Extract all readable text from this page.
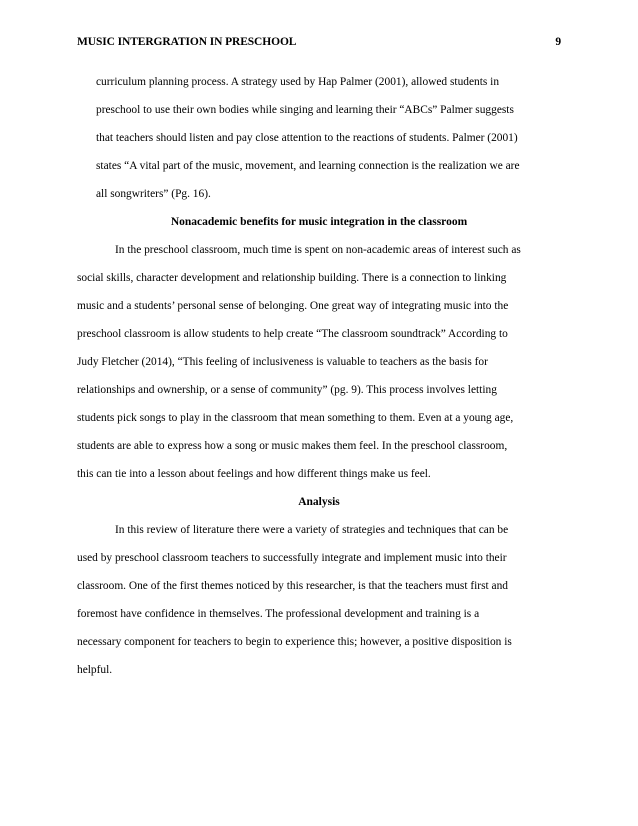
MUSIC INTERGRATION IN PRESCHOOL	9
curriculum planning process. A strategy used by Hap Palmer (2001), allowed students in
preschool to use their own bodies while singing and learning their “ABCs” Palmer suggests
that teachers should listen and pay close attention to the reactions of students. Palmer (2001)
states “A vital part of the music, movement, and learning connection is the realization we are
all songwriters” (Pg. 16).
Nonacademic benefits for music integration in the classroom
In the preschool classroom, much time is spent on non-academic areas of interest such as
social skills, character development and relationship building. There is a connection to linking
music and a students’ personal sense of belonging. One great way of integrating music into the
preschool classroom is allow students to help create “The classroom soundtrack” According to
Judy Fletcher (2014), “This feeling of inclusiveness is valuable to teachers as the basis for
relationships and ownership, or a sense of community” (pg. 9). This process involves letting
students pick songs to play in the classroom that mean something to them. Even at a young age,
students are able to express how a song or music makes them feel. In the preschool classroom,
this can tie into a lesson about feelings and how different things make us feel.
Analysis
In this review of literature there were a variety of strategies and techniques that can be
used by preschool classroom teachers to successfully integrate and implement music into their
classroom. One of the first themes noticed by this researcher, is that the teachers must first and
foremost have confidence in themselves. The professional development and training is a
necessary component for teachers to begin to experience this; however, a positive disposition is
helpful.
